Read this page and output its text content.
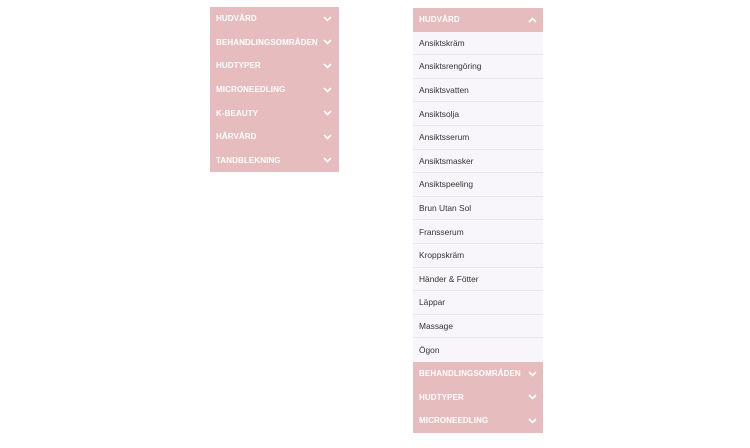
HUDVÅRD
BEHANDLINGSOMRÅDEN
HUDTYPER
MICRONEEDLING
K-BEAUTY
HÅRVÅRD
TANDBLEKNING
HUDVÅRD
Ansiktskräm
Ansiktsrengöring
Ansiktsvatten
Ansiktsolja
Ansiktsserum
Ansiktsmasker
Ansiktspeeling
Brun Utan Sol
Fransserum
Kroppskräm
Händer & Fötter
Läppar
Massage
Ögon
BEHANDLINGSOMRÅDEN
HUDTYPER
MICRONEEDLING
